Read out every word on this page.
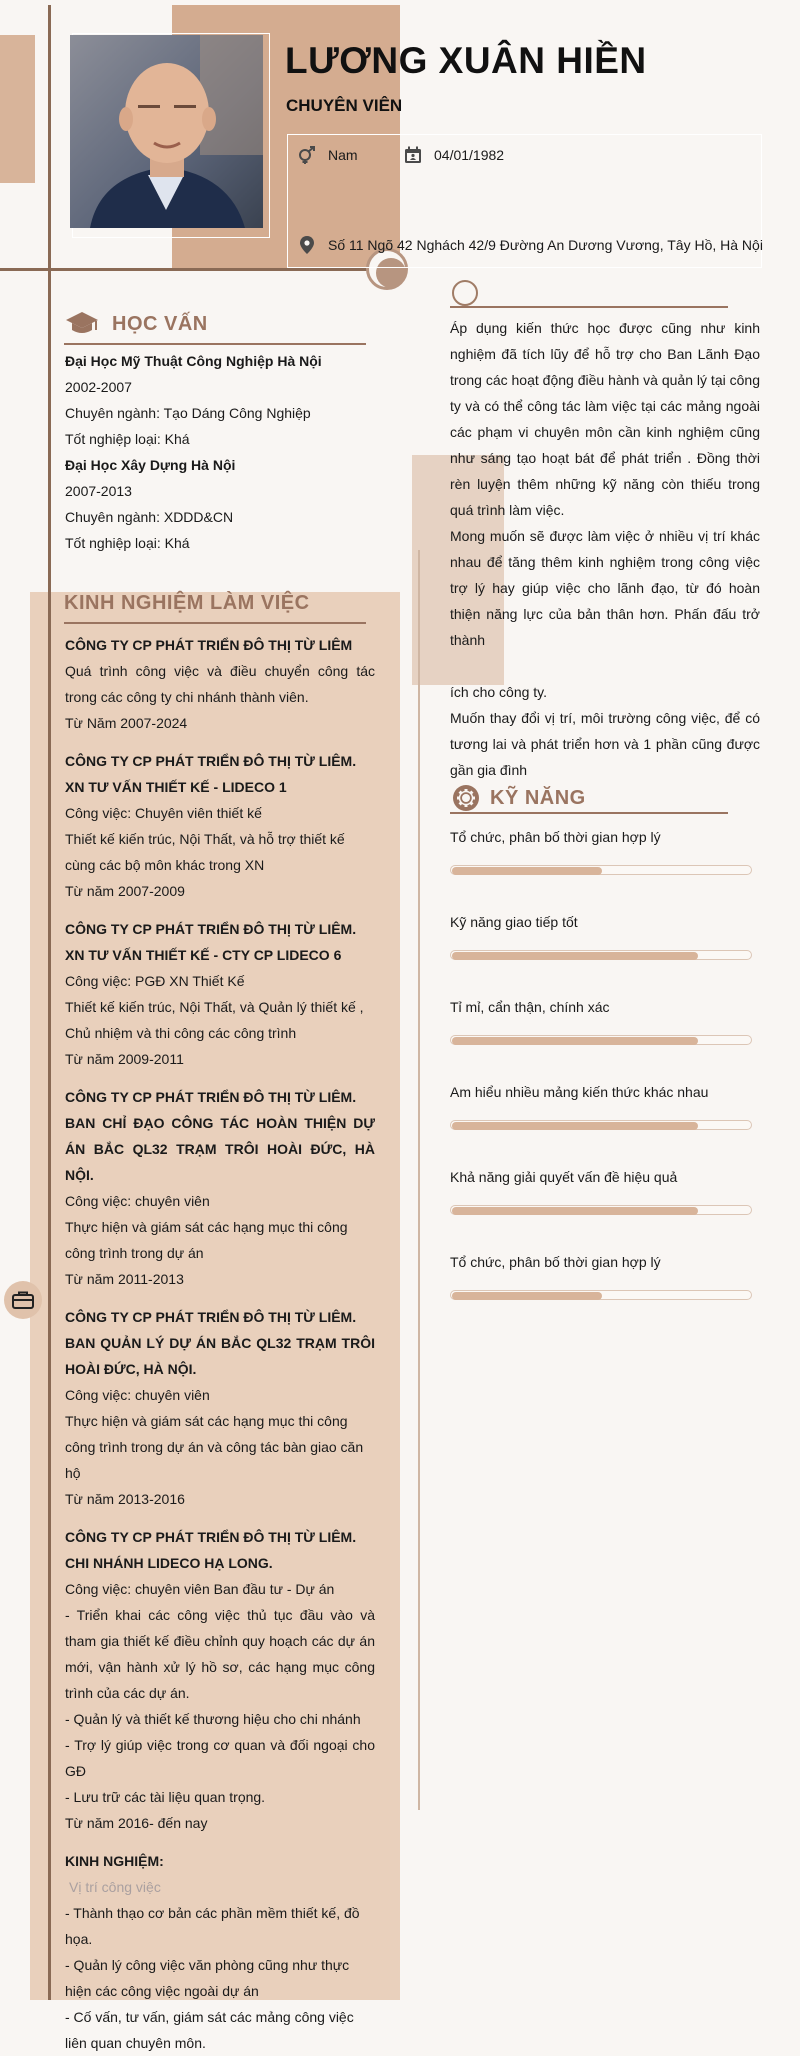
LƯƠNG XUÂN HIỀN
CHUYÊN VIÊN
Nam	04/01/1982
Số 11 Ngõ 42 Nghách 42/9 Đường An Dương Vương, Tây Hồ, Hà Nội
HỌC VẤN

Đại Học Mỹ Thuật Công Nghiệp Hà Nội

2002-2007

Chuyên ngành: Tạo Dáng Công Nghiệp

Tốt nghiệp loại: Khá

Đại Học Xây Dựng Hà Nội

2007-2013

Chuyên ngành: XDDD&CN

Tốt nghiệp loại: Khá

KINH NGHIỆM LÀM VIỆC

CÔNG TY CP PHÁT TRIỂN ĐÔ THỊ TỪ LIÊM

Quá trình công việc và điều chuyển công tác trong các công ty chi nhánh thành viên.

Từ Năm 2007-2024

CÔNG TY CP PHÁT TRIỂN ĐÔ THỊ TỪ LIÊM.

XN TƯ VẤN THIẾT KẾ - LIDECO 1

Công việc: Chuyên viên thiết kế

Thiết kế kiến trúc, Nội Thất, và hỗ trợ thiết kế cùng các bộ môn khác trong XN

Từ năm 2007-2009

CÔNG TY CP PHÁT TRIỂN ĐÔ THỊ TỪ LIÊM.

XN TƯ VẤN THIẾT KẾ - CTY CP LIDECO 6

Công việc: PGĐ XN Thiết Kế

Thiết kế kiến trúc, Nội Thất, và Quản lý thiết kế , Chủ nhiệm và thi công các công trình

Từ năm 2009-2011

CÔNG TY CP PHÁT TRIỂN ĐÔ THỊ TỪ LIÊM.

BAN CHỈ ĐẠO CÔNG TÁC HOÀN THIỆN DỰ ÁN BẮC QL32 TRẠM TRÔI HOÀI ĐỨC, HÀ NỘI.

Công việc: chuyên viên

Thực hiện và giám sát các hạng mục thi công công trình trong dự án

Từ năm 2011-2013

CÔNG TY CP PHÁT TRIỂN ĐÔ THỊ TỪ LIÊM.

BAN QUẢN LÝ DỰ ÁN BẮC QL32 TRẠM TRÔI HOÀI ĐỨC, HÀ NỘI.

Công việc: chuyên viên

Thực hiện và giám sát các hạng mục thi công công trình trong dự án và công tác bàn giao căn hộ

Từ năm 2013-2016

CÔNG TY CP PHÁT TRIỂN ĐÔ THỊ TỪ LIÊM.

CHI NHÁNH LIDECO HẠ LONG.

Công việc: chuyên viên Ban đầu tư - Dự án

- Triển khai các công việc thủ tục đầu vào và tham gia thiết kế điều chỉnh quy hoạch các dự án mới, vận hành xử lý hồ sơ, các hạng mục công trình của các dự án.

- Quản lý và thiết kế thương hiệu cho chi nhánh

- Trợ lý giúp việc trong cơ quan và đối ngoại cho GĐ

- Lưu trữ các tài liệu quan trọng.

Từ năm 2016- đến nay

KINH NGHIỆM:

Vị trí công việc

- Thành thạo cơ bản các phần mềm thiết kế, đồ họa.

- Quản lý công việc văn phòng cũng như thực hiện các công việc ngoài dự án

- Cố vấn, tư vấn, giám sát các mảng công việc liên quan chuyên môn.

Áp dụng kiến thức học được cũng như kinh nghiệm đã tích lũy để hỗ trợ cho Ban Lãnh Đạo trong các hoạt động điều hành và quản lý tại công ty và có thể công tác làm việc tại các mảng ngoài các phạm vi chuyên môn cần kinh nghiệm cũng như sáng tạo hoạt bát để phát triển . Đồng thời rèn luyện thêm những kỹ năng còn thiếu trong quá trình làm việc.

Mong muốn sẽ được làm việc ở nhiều vị trí khác nhau để tăng thêm kinh nghiệm trong công việc trợ lý hay giúp việc cho lãnh đạo, từ đó hoàn thiện năng lực của bản thân hơn. Phấn đấu trở thành

ích cho công ty.

Muốn thay đổi vị trí, môi trường công việc, để có tương lai và phát triển hơn và 1 phần cũng được gần gia đình

KỸ NĂNG
Tổ chức, phân bố thời gian hợp lý
Kỹ năng giao tiếp tốt
Tỉ mỉ, cẩn thận, chính xác
Am hiểu nhiều mảng kiến thức khác nhau
Khả năng giải quyết vấn đề hiệu quả
Tổ chức, phân bố thời gian hợp lý
